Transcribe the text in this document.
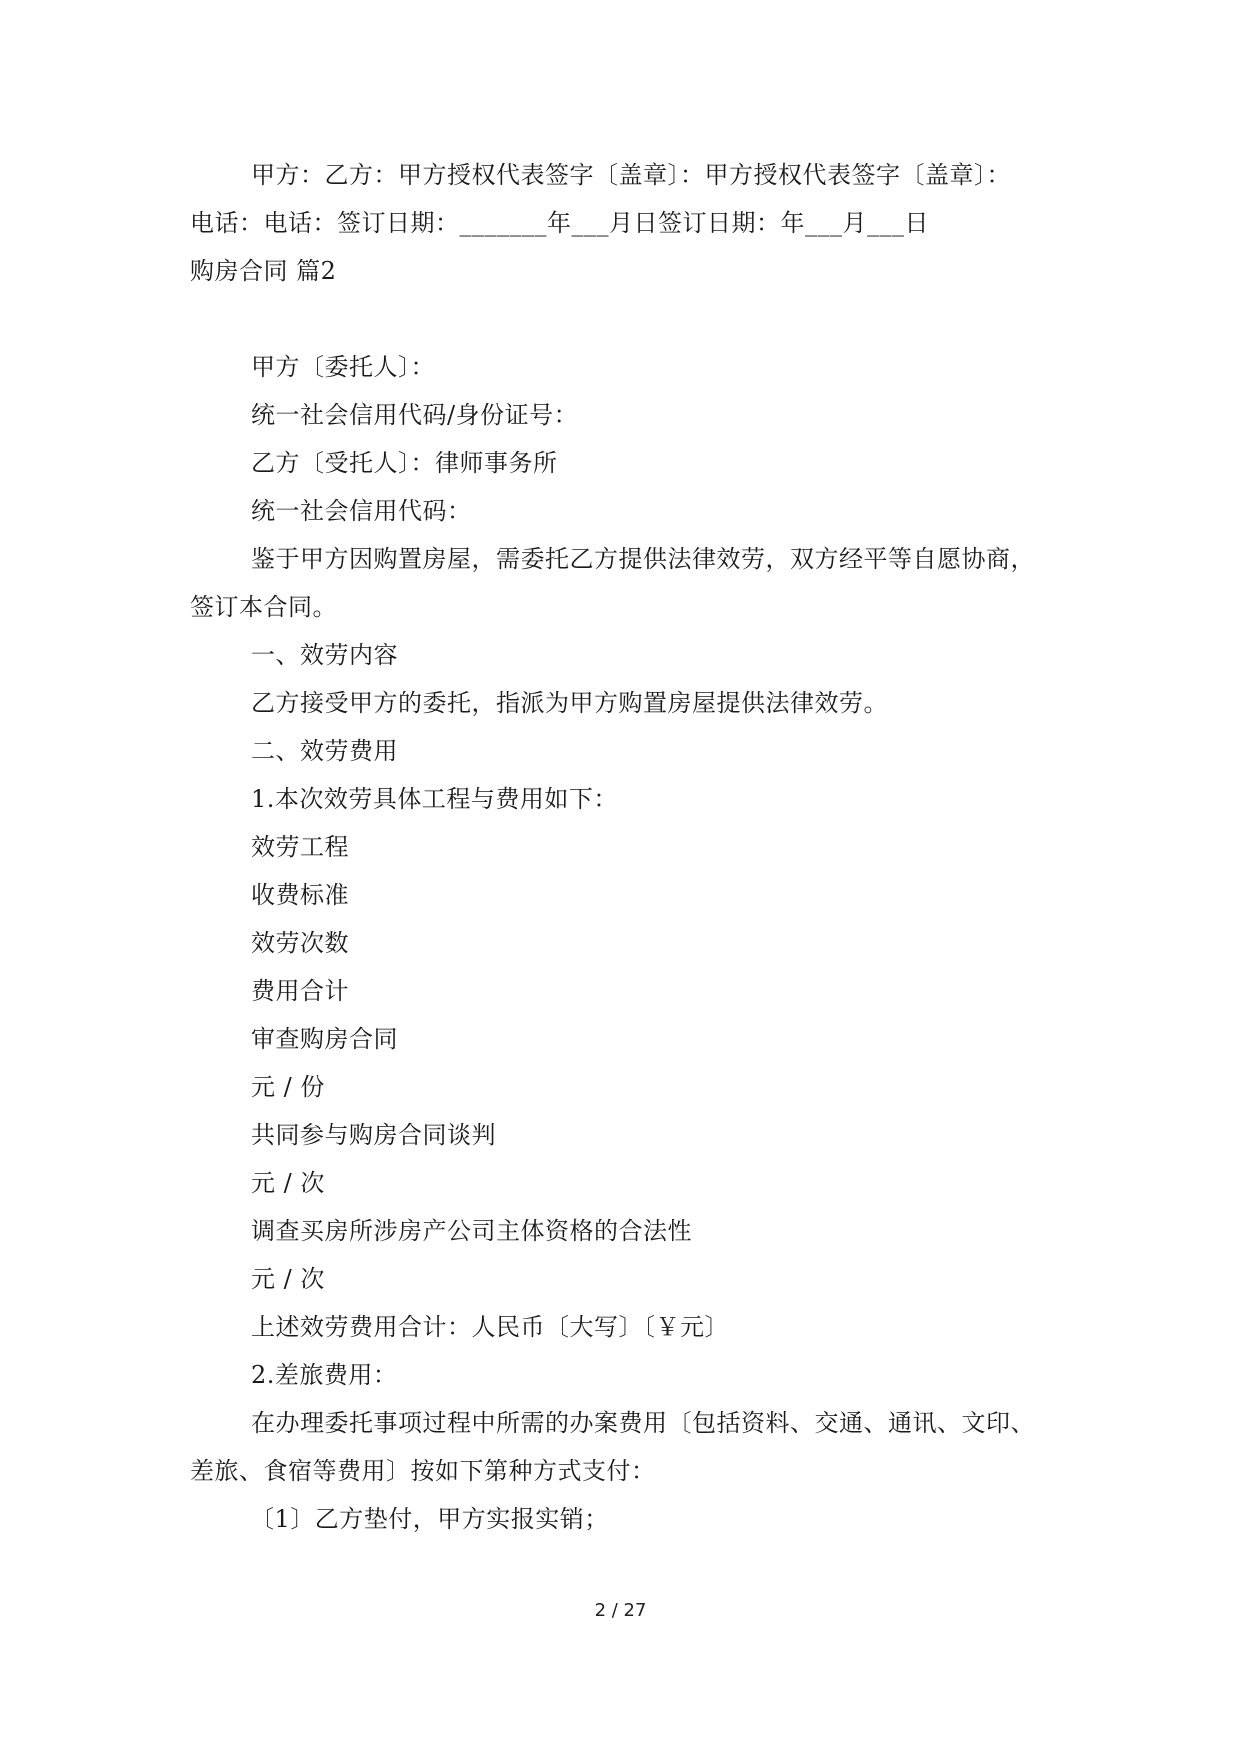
甲方：乙方：甲方授权代表签字〔盖章〕：甲方授权代表签字〔盖章〕：
电话：电话：签订日期：_______年___月日签订日期：年___月___日
购房合同 篇2
甲方〔委托人〕：
统一社会信用代码/身份证号：
乙方〔受托人〕：律师事务所
统一社会信用代码：
鉴于甲方因购置房屋，需委托乙方提供法律效劳，双方经平等自愿协商，
签订本合同。
一、效劳内容
乙方接受甲方的委托，指派为甲方购置房屋提供法律效劳。
二、效劳费用
1.本次效劳具体工程与费用如下：
效劳工程
收费标准
效劳次数
费用合计
审查购房合同
元 / 份
共同参与购房合同谈判
元 / 次
调查买房所涉房产公司主体资格的合法性
元 / 次
上述效劳费用合计：人民币〔大写〕〔￥元〕
2.差旅费用：
在办理委托事项过程中所需的办案费用〔包括资料、交通、通讯、文印、
差旅、食宿等费用〕按如下第种方式支付：
〔1〕乙方垫付，甲方实报实销；
2 / 27
